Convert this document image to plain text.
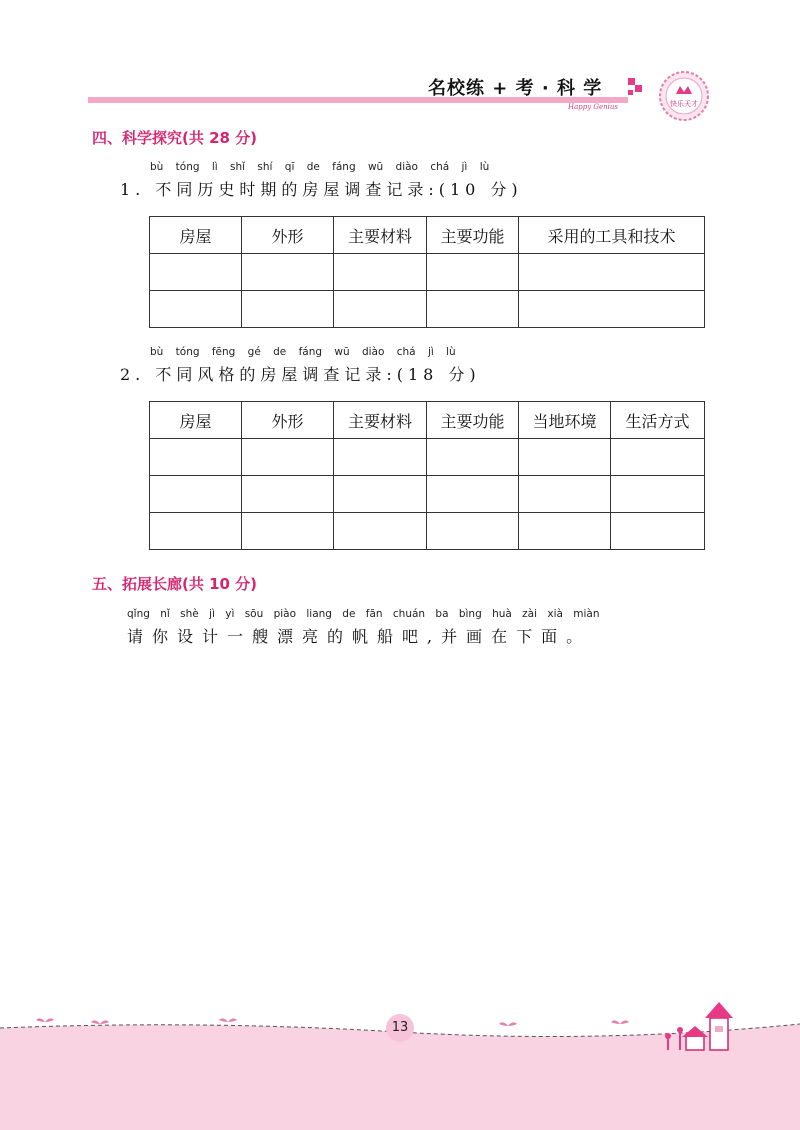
名校练 + 考 · 科 学
Happy Genius	快乐天才
四、科学探究(共 28 分)
bù tóng lì shǐ shí qī de fáng wū diào chá jì lù
1. 不同历史时期的房屋调查记录:(10 分)
房屋	外形	主要材料	主要功能	采用的工具和技术

bù tóng fēng gé de fáng wū diào chá jì lù
2. 不同风格的房屋调查记录:(18 分)
房屋	外形	主要材料	主要功能	当地环境	生活方式

五、拓展长廊(共 10 分)
qǐng nǐ shè jì yì sōu piào liang de fān chuán ba bìng huà zài xià miàn
请你设计一艘漂亮的帆船吧,并画在下面。
13
